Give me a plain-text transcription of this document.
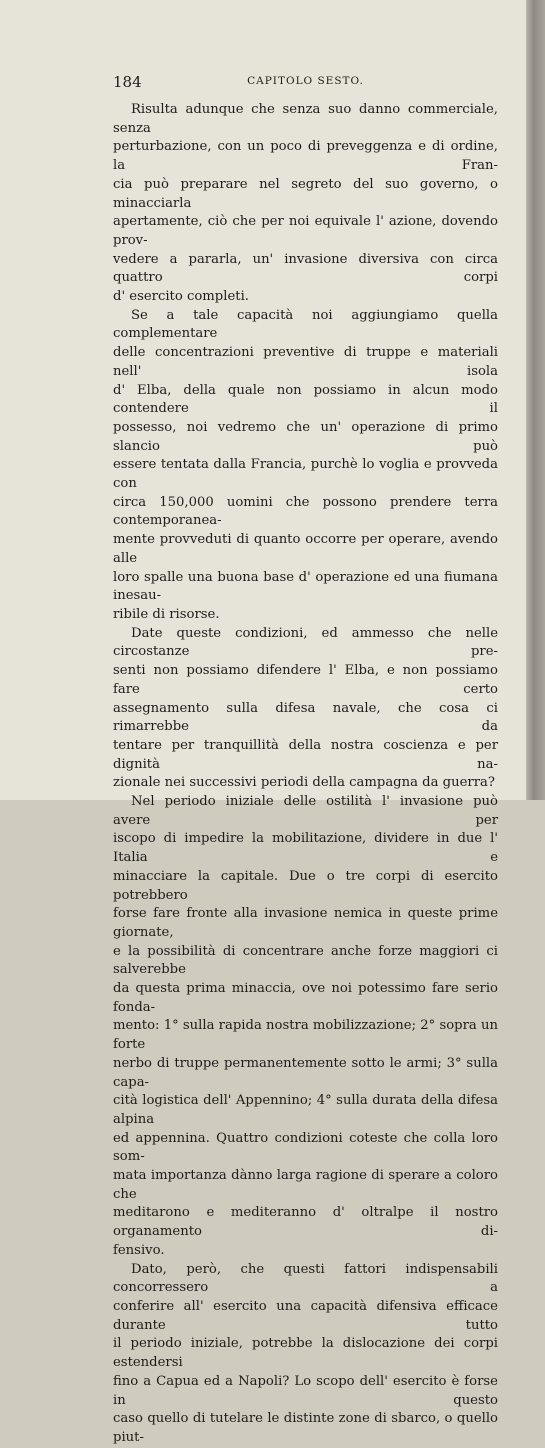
184	CAPITOLO SESTO.

Risulta adunque che senza suo danno commerciale, senza
perturbazione, con un poco di preveggenza e di ordine, la Fran-
cia può preparare nel segreto del suo governo, o minacciarla
apertamente, ciò che per noi equivale l' azione, dovendo prov-
vedere a pararla, un' invasione diversiva con circa quattro corpi
d' esercito completi.

Se a tale capacità noi aggiungiamo quella complementare
delle concentrazioni preventive di truppe e materiali nell' isola
d' Elba, della quale non possiamo in alcun modo contendere il
possesso, noi vedremo che un' operazione di primo slancio può
essere tentata dalla Francia, purchè lo voglia e provveda con
circa 150,000 uomini che possono prendere terra contemporanea-
mente provveduti di quanto occorre per operare, avendo alle
loro spalle una buona base d' operazione ed una fiumana inesau-
ribile di risorse.

Date queste condizioni, ed ammesso che nelle circostanze pre-
senti non possiamo difendere l' Elba, e non possiamo fare certo
assegnamento sulla difesa navale, che cosa ci rimarrebbe da
tentare per tranquillità della nostra coscienza e per dignità na-
zionale nei successivi periodi della campagna da guerra?

Nel periodo iniziale delle ostilità l' invasione può avere per
iscopo di impedire la mobilitazione, dividere in due l' Italia e
minacciare la capitale. Due o tre corpi di esercito potrebbero
forse fare fronte alla invasione nemica in queste prime giornate,
e la possibilità di concentrare anche forze maggiori ci salverebbe
da questa prima minaccia, ove noi potessimo fare serio fonda-
mento: 1° sulla rapida nostra mobilizzazione; 2° sopra un forte
nerbo di truppe permanentemente sotto le armi; 3° sulla capa-
cità logistica dell' Appennino; 4° sulla durata della difesa alpina
ed appennina. Quattro condizioni coteste che colla loro som-
mata importanza dànno larga ragione di sperare a coloro che
meditarono e mediteranno d' oltralpe il nostro organamento di-
fensivo.

Dato, però, che questi fattori indispensabili concorressero a
conferire all' esercito una capacità difensiva efficace durante tutto
il periodo iniziale, potrebbe la dislocazione dei corpi estendersi
fino a Capua ed a Napoli? Lo scopo dell' esercito è forse in questo
caso quello di tutelare le distinte zone di sbarco, o quello piut-
